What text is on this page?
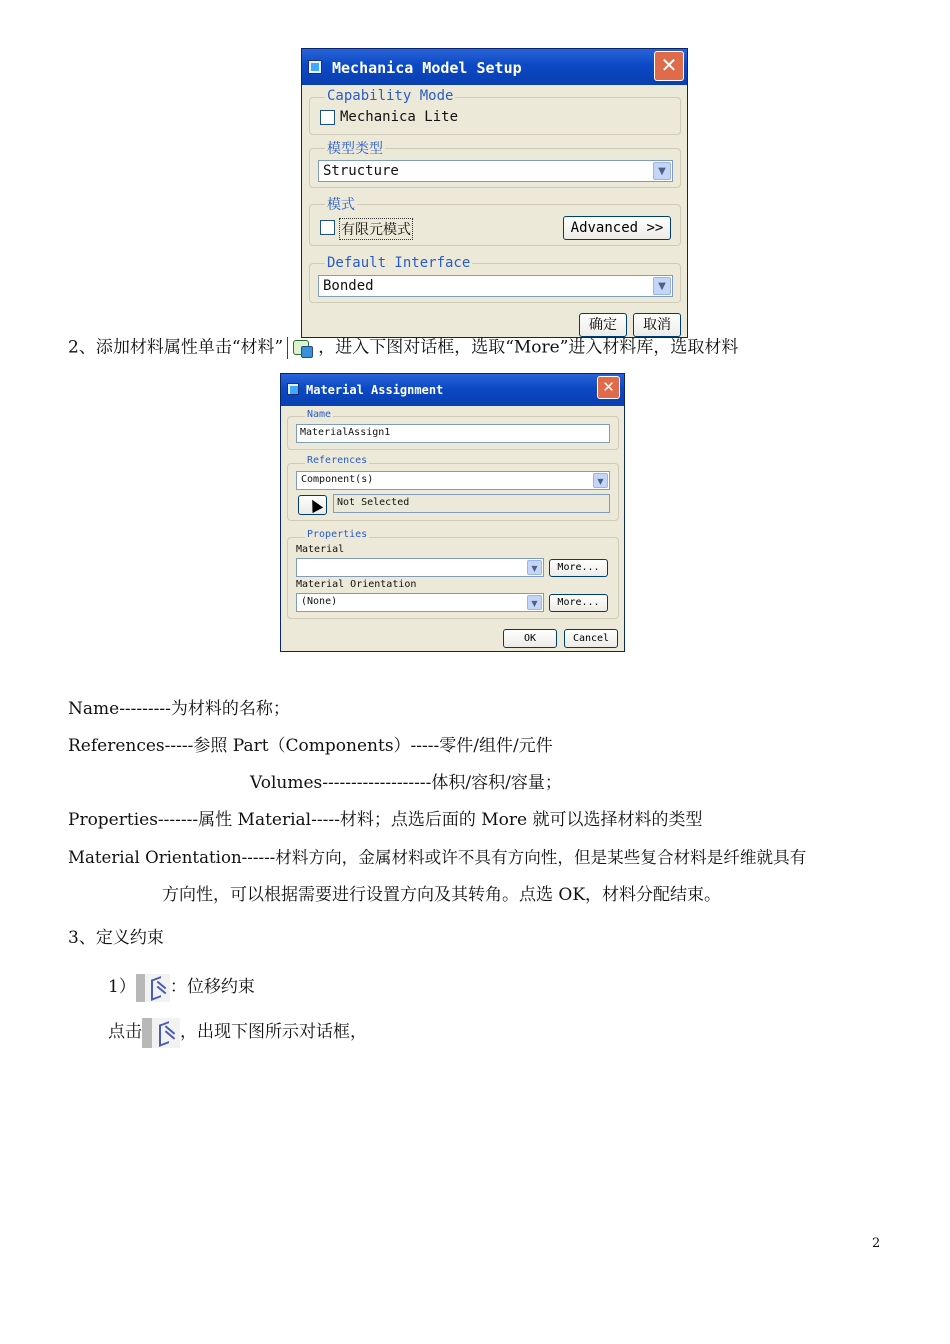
Mechanica Model Setup	✕
Capability Mode
Mechanica Lite
模型类型
Structure	▼
模式
有限元模式	Advanced >>
Default Interface
Bonded	▼
确定	取消
2、添加材料属性单击“材料” ，进入下图对话框，选取“More”进入材料库，选取材料
Material Assignment	✕
Name
MaterialAssign1
References
Component(s)	▼
Not Selected
Properties
Material
▼	More...
Material Orientation
(None)	▼	More...
OK	Cancel
Name---------为材料的名称；
References-----参照 Part（Components）-----零件/组件/元件
Volumes-------------------体积/容积/容量；
Properties-------属性 Material-----材料；点选后面的 More 就可以选择材料的类型
Material Orientation------材料方向，金属材料或许不具有方向性，但是某些复合材料是纤维就具有
方向性，可以根据需要进行设置方向及其转角。点选 OK，材料分配结束。
3、定义约束
1） ：位移约束
点击 ，出现下图所示对话框，
2
